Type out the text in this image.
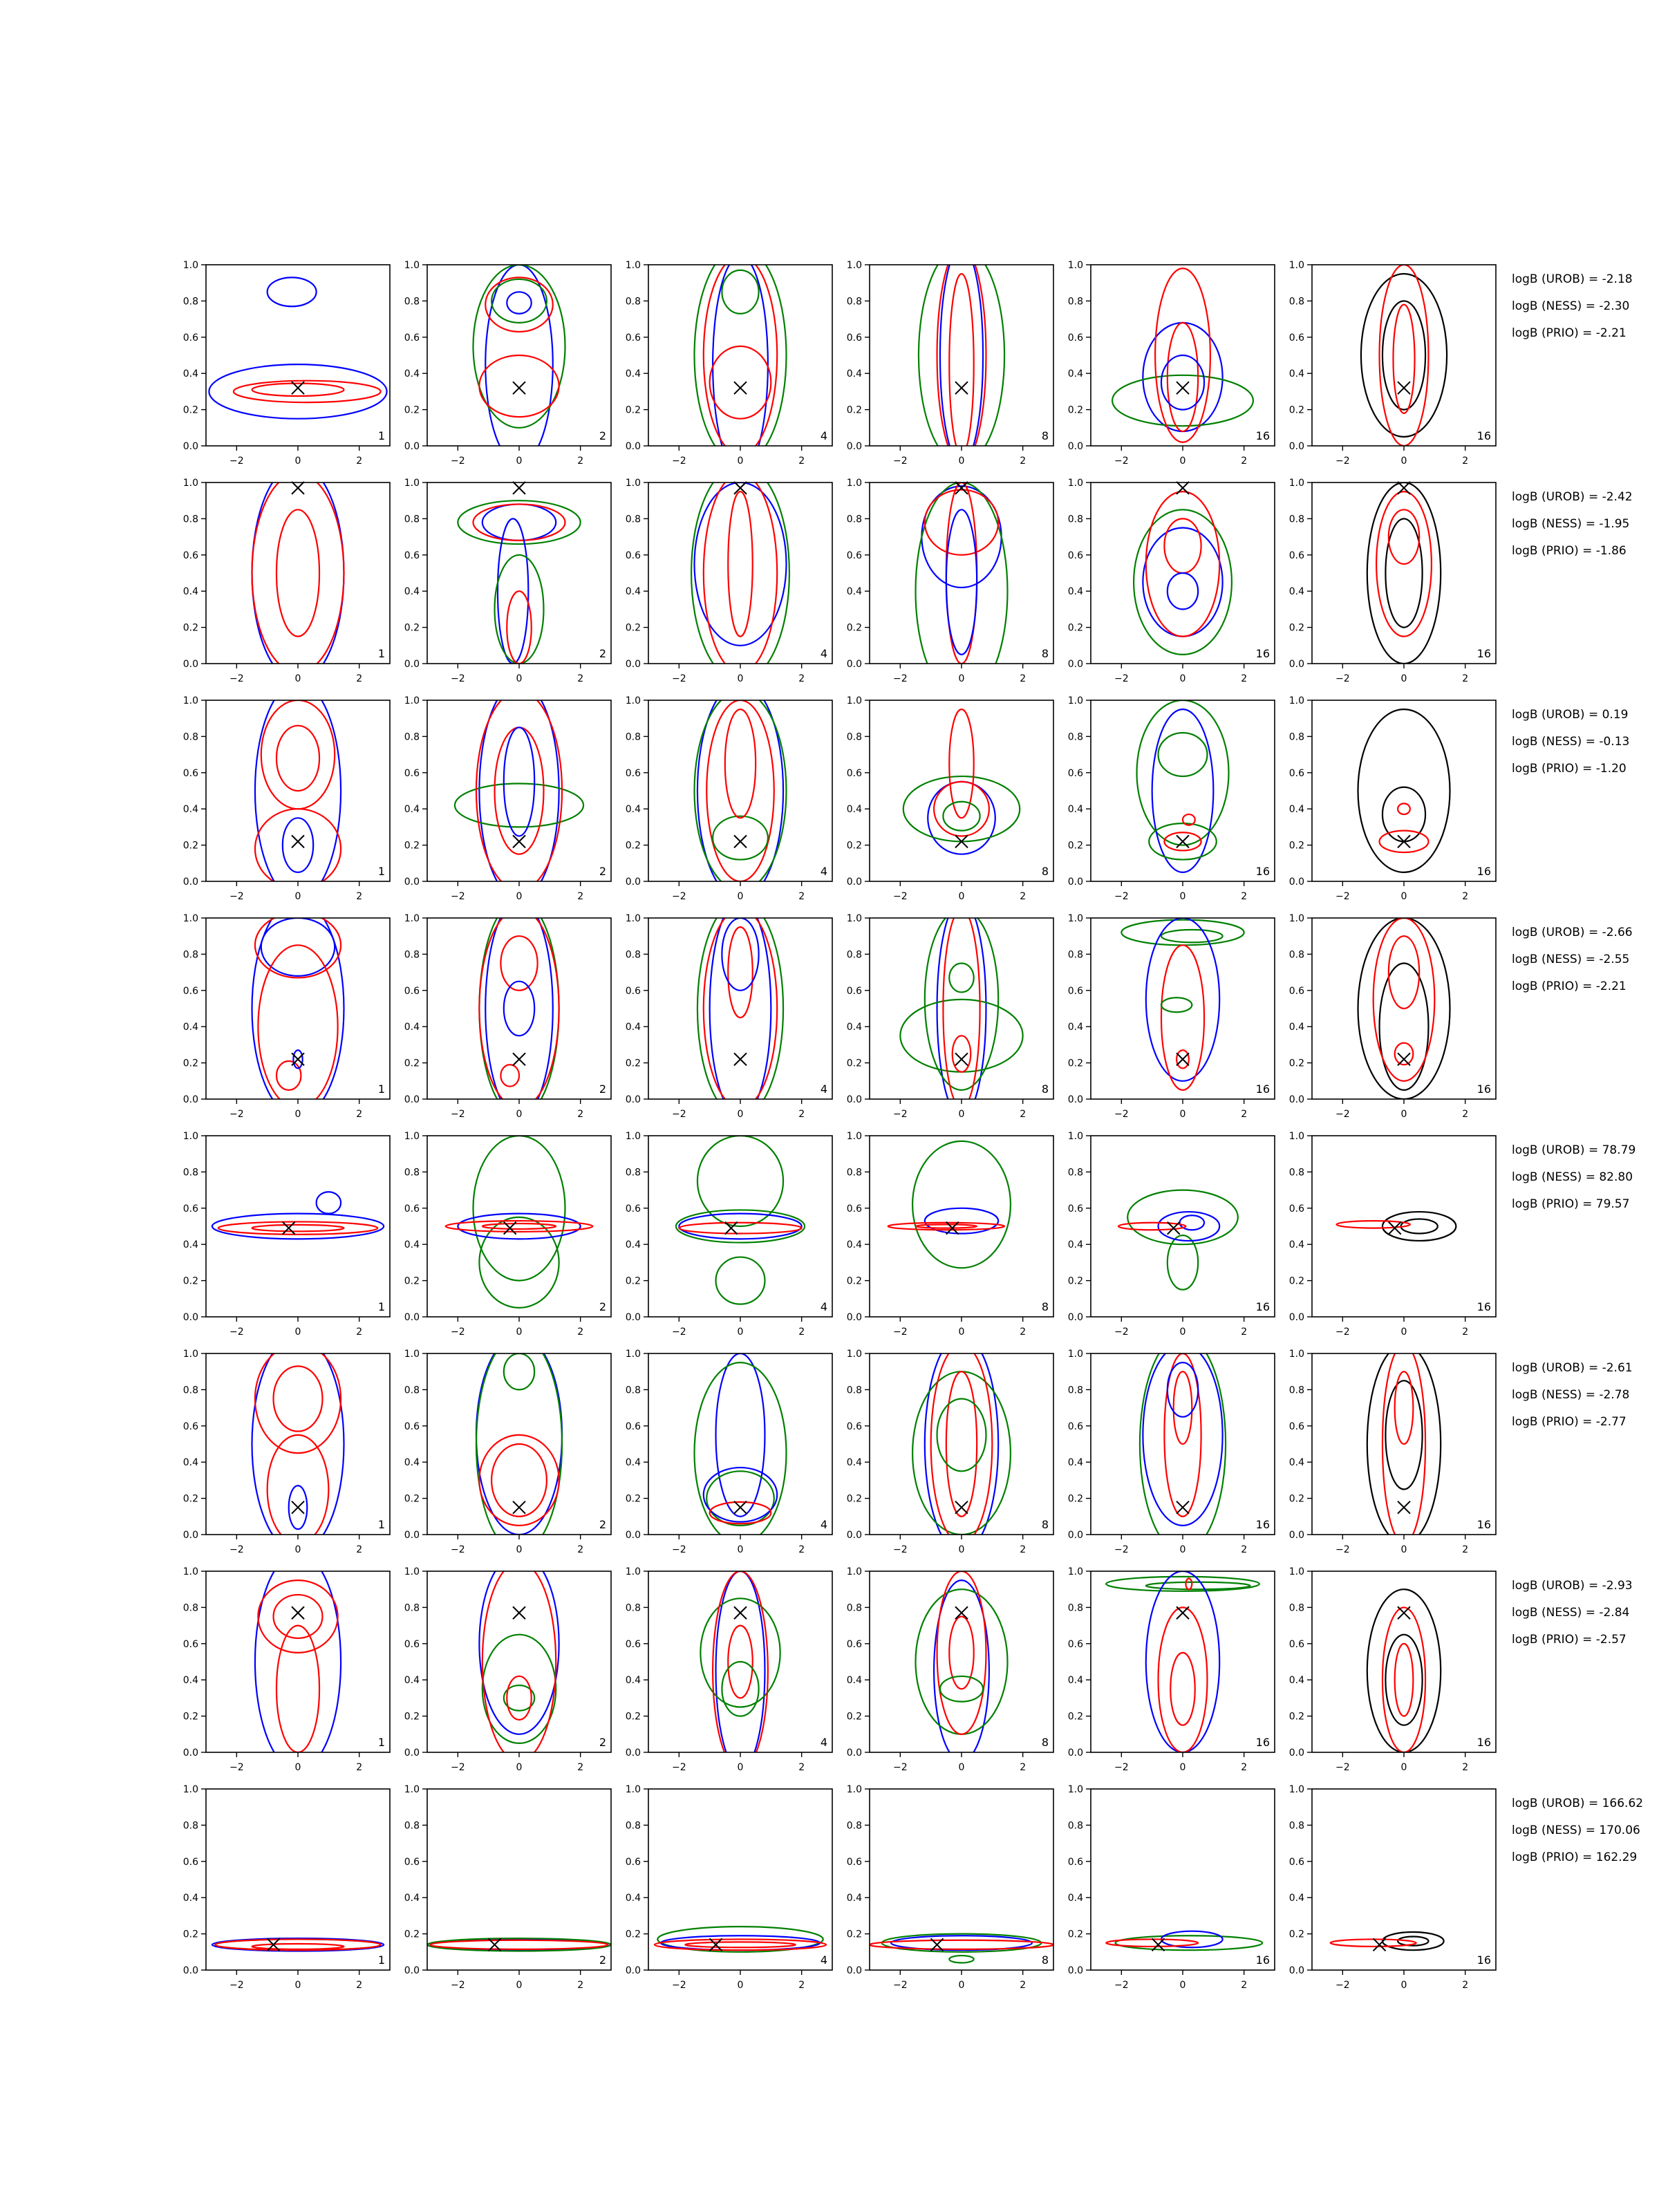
−2	0	2
0.0
0.2
0.4
0.6
0.8
1.0
1
−2	0	2
0.0
0.2
0.4
0.6
0.8
1.0
2
−2	0	2
0.0
0.2
0.4
0.6
0.8
1.0
4
−2	0	2
0.0
0.2
0.4
0.6
0.8
1.0
8
−2	0	2
0.0
0.2
0.4
0.6
0.8
1.0
16
−2	0	2
0.0
0.2
0.4
0.6
0.8
1.0
16
logB (UROB) = -2.18
logB (NESS) = -2.30
logB (PRIO) = -2.21
−2	0	2
0.0
0.2
0.4
0.6
0.8
1.0
1
−2	0	2
0.0
0.2
0.4
0.6
0.8
1.0
2
−2	0	2
0.0
0.2
0.4
0.6
0.8
1.0
4
−2	0	2
0.0
0.2
0.4
0.6
0.8
1.0
8
−2	0	2
0.0
0.2
0.4
0.6
0.8
1.0
16
−2	0	2
0.0
0.2
0.4
0.6
0.8
1.0
16
logB (UROB) = -2.42
logB (NESS) = -1.95
logB (PRIO) = -1.86
−2	0	2
0.0
0.2
0.4
0.6
0.8
1.0
1
−2	0	2
0.0
0.2
0.4
0.6
0.8
1.0
2
−2	0	2
0.0
0.2
0.4
0.6
0.8
1.0
4
−2	0	2
0.0
0.2
0.4
0.6
0.8
1.0
8
−2	0	2
0.0
0.2
0.4
0.6
0.8
1.0
16
−2	0	2
0.0
0.2
0.4
0.6
0.8
1.0
16
logB (UROB) = 0.19
logB (NESS) = -0.13
logB (PRIO) = -1.20
−2	0	2
0.0
0.2
0.4
0.6
0.8
1.0
1
−2	0	2
0.0
0.2
0.4
0.6
0.8
1.0
2
−2	0	2
0.0
0.2
0.4
0.6
0.8
1.0
4
−2	0	2
0.0
0.2
0.4
0.6
0.8
1.0
8
−2	0	2
0.0
0.2
0.4
0.6
0.8
1.0
16
−2	0	2
0.0
0.2
0.4
0.6
0.8
1.0
16
logB (UROB) = -2.66
logB (NESS) = -2.55
logB (PRIO) = -2.21
−2	0	2
0.0
0.2
0.4
0.6
0.8
1.0
1
−2	0	2
0.0
0.2
0.4
0.6
0.8
1.0
2
−2	0	2
0.0
0.2
0.4
0.6
0.8
1.0
4
−2	0	2
0.0
0.2
0.4
0.6
0.8
1.0
8
−2	0	2
0.0
0.2
0.4
0.6
0.8
1.0
16
−2	0	2
0.0
0.2
0.4
0.6
0.8
1.0
16
logB (UROB) = 78.79
logB (NESS) = 82.80
logB (PRIO) = 79.57
−2	0	2
0.0
0.2
0.4
0.6
0.8
1.0
1
−2	0	2
0.0
0.2
0.4
0.6
0.8
1.0
2
−2	0	2
0.0
0.2
0.4
0.6
0.8
1.0
4
−2	0	2
0.0
0.2
0.4
0.6
0.8
1.0
8
−2	0	2
0.0
0.2
0.4
0.6
0.8
1.0
16
−2	0	2
0.0
0.2
0.4
0.6
0.8
1.0
16
logB (UROB) = -2.61
logB (NESS) = -2.78
logB (PRIO) = -2.77
−2	0	2
0.0
0.2
0.4
0.6
0.8
1.0
1
−2	0	2
0.0
0.2
0.4
0.6
0.8
1.0
2
−2	0	2
0.0
0.2
0.4
0.6
0.8
1.0
4
−2	0	2
0.0
0.2
0.4
0.6
0.8
1.0
8
−2	0	2
0.0
0.2
0.4
0.6
0.8
1.0
16
−2	0	2
0.0
0.2
0.4
0.6
0.8
1.0
16
logB (UROB) = -2.93
logB (NESS) = -2.84
logB (PRIO) = -2.57
−2	0	2
0.0
0.2
0.4
0.6
0.8
1.0
1
−2	0	2
0.0
0.2
0.4
0.6
0.8
1.0
2
−2	0	2
0.0
0.2
0.4
0.6
0.8
1.0
4
−2	0	2
0.0
0.2
0.4
0.6
0.8
1.0
8
−2	0	2
0.0
0.2
0.4
0.6
0.8
1.0
16
−2	0	2
0.0
0.2
0.4
0.6
0.8
1.0
16
logB (UROB) = 166.62
logB (NESS) = 170.06
logB (PRIO) = 162.29
